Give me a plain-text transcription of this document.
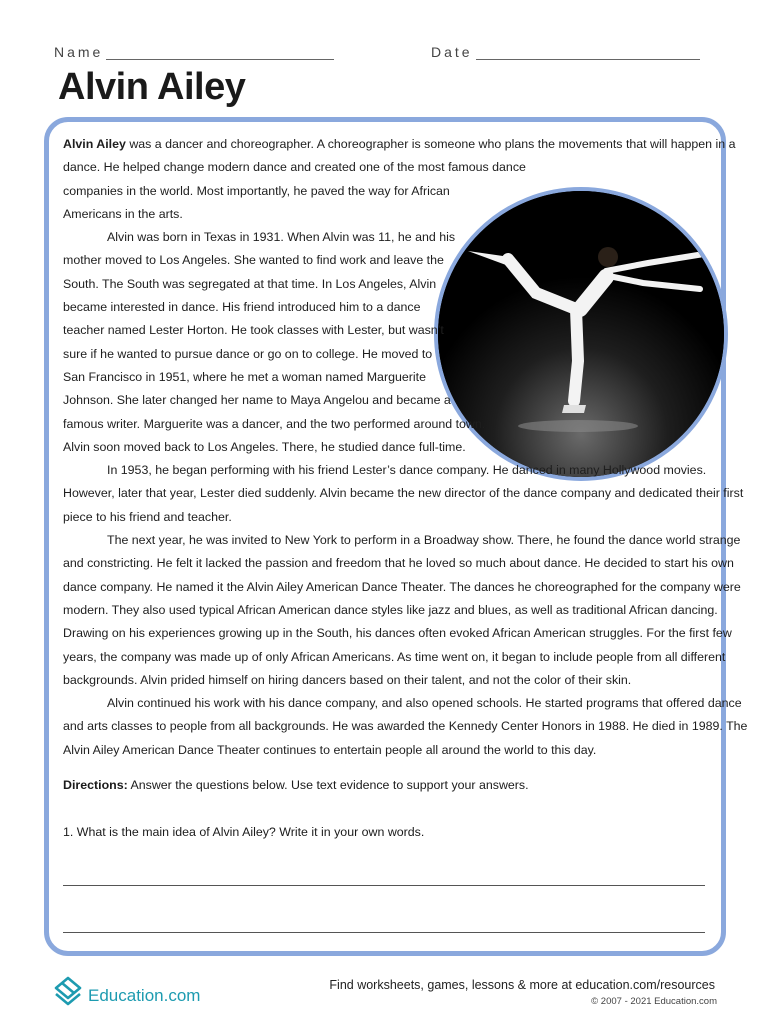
Name	Date
Alvin Ailey

Alvin Ailey was a dancer and choreographer. A choreographer is someone who plans the movements that will happen in a
dance. He helped change modern dance and created one of the most famous dance
companies in the world. Most importantly, he paved the way for African
Americans in the arts.

Alvin was born in Texas in 1931. When Alvin was 11, he and his
mother moved to Los Angeles. She wanted to find work and leave the
South. The South was segregated at that time. In Los Angeles, Alvin
became interested in dance. His friend introduced him to a dance
teacher named Lester Horton. He took classes with Lester, but wasn’t
sure if he wanted to pursue dance or go on to college. He moved to
San Francisco in 1951, where he met a woman named Marguerite
Johnson. She later changed her name to Maya Angelou and became a
famous writer. Marguerite was a dancer, and the two performed around town.
Alvin soon moved back to Los Angeles. There, he studied dance full-time.

In 1953, he began performing with his friend Lester’s dance company. He danced in many Hollywood movies.
However, later that year, Lester died suddenly. Alvin became the new director of the dance company and dedicated their first
piece to his friend and teacher.

The next year, he was invited to New York to perform in a Broadway show. There, he found the dance world strange
and constricting. He felt it lacked the passion and freedom that he loved so much about dance. He decided to start his own
dance company. He named it the Alvin Ailey American Dance Theater. The dances he choreographed for the company were
modern. They also used typical African American dance styles like jazz and blues, as well as traditional African dancing.
Drawing on his experiences growing up in the South, his dances often evoked African American struggles. For the first few
years, the company was made up of only African Americans. As time went on, it began to include people from all different
backgrounds. Alvin prided himself on hiring dancers based on their talent, and not the color of their skin.

Alvin continued his work with his dance company, and also opened schools. He started programs that offered dance
and arts classes to people from all backgrounds. He was awarded the Kennedy Center Honors in 1988. He died in 1989. The
Alvin Ailey American Dance Theater continues to entertain people all around the world to this day.

Directions: Answer the questions below. Use text evidence to support your answers.
1. What is the main idea of Alvin Ailey? Write it in your own words.
Education.com
Find worksheets, games, lessons & more at education.com/resources
© 2007 - 2021 Education.com
